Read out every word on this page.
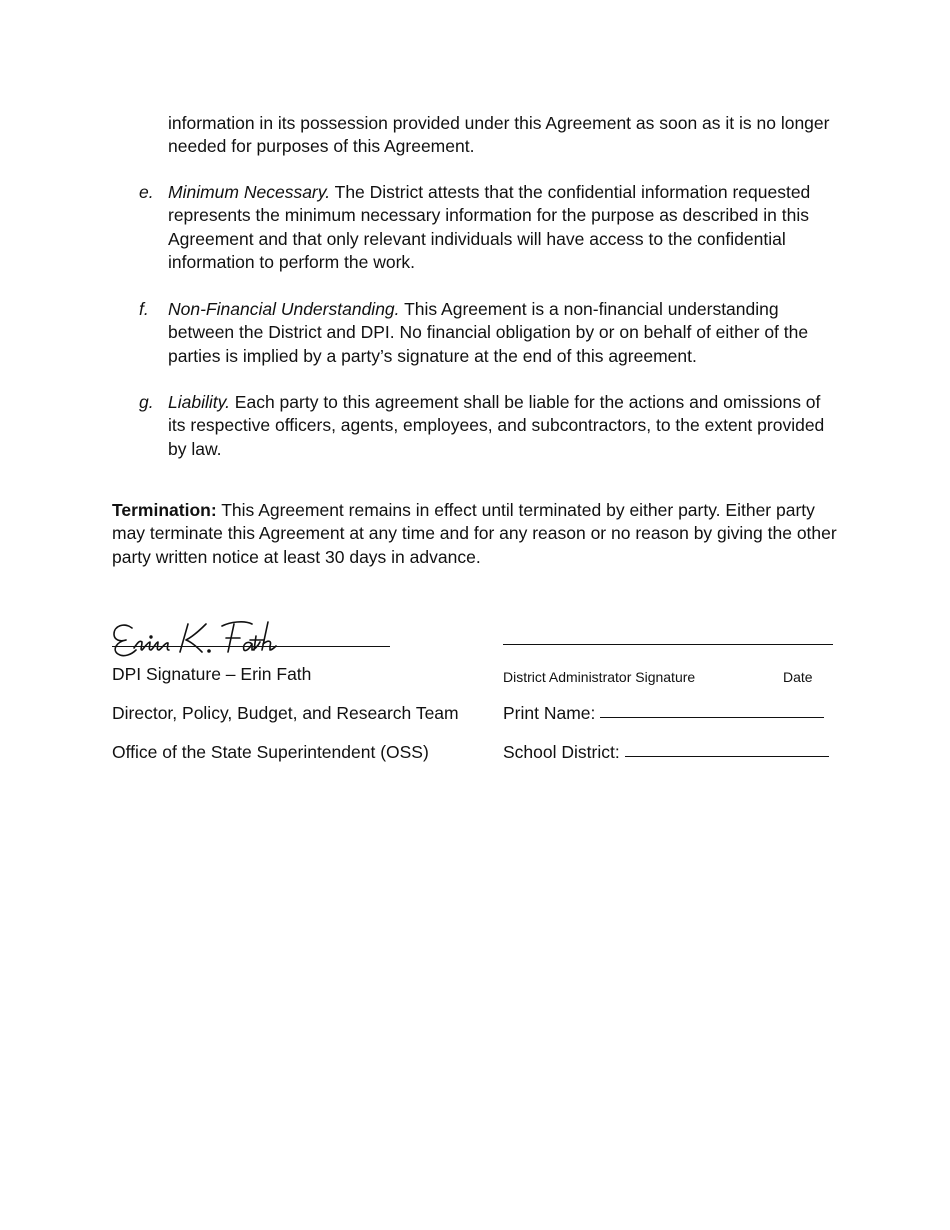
information in its possession provided under this Agreement as soon as it is no longer needed for purposes of this Agreement.

e. Minimum Necessary. The District attests that the confidential information requested represents the minimum necessary information for the purpose as described in this Agreement and that only relevant individuals will have access to the confidential information to perform the work.

f. Non-Financial Understanding. This Agreement is a non-financial understanding between the District and DPI. No financial obligation by or on behalf of either of the parties is implied by a party’s signature at the end of this agreement.

g. Liability. Each party to this agreement shall be liable for the actions and omissions of its respective officers, agents, employees, and subcontractors, to the extent provided by law.

Termination: This Agreement remains in effect until terminated by either party. Either party may terminate this Agreement at any time and for any reason or no reason by giving the other party written notice at least 30 days in advance.

DPI Signature – Erin Fath
Director, Policy, Budget, and Research Team
Office of the State Superintendent (OSS)
District Administrator Signature	Date
Print Name:
School District:
